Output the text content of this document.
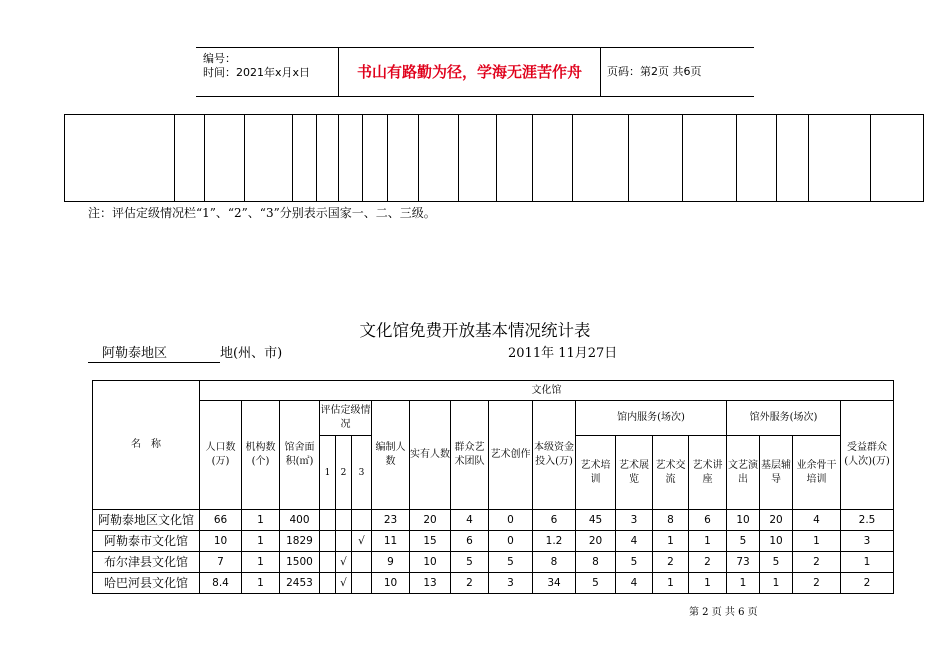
编号：
时间：2021年x月x日	书山有路勤为径，学海无涯苦作舟	页码：第2页 共6页
注：评估定级情况栏“1”、“2”、“3”分别表示国家一、二、三级。
文化馆免费开放基本情况统计表
阿勒泰地区	地(州、市)	2011年 11月27日
名　称	文化馆																		
	人口数(万)	机构数(个)	馆舍面积(㎡)	评估定级情况			编制人数	实有人数	群众艺术团队	艺术创作	本级资金投入(万)	馆内服务(场次)				馆外服务(场次)			受益群众(人次)(万)
				1	2	3						艺术培训	艺术展览	艺术交流	艺术讲座	文艺演出	基层辅导	业余骨干培训	
阿勒泰地区文化馆	66	1	400				23	20	4	0	6	45	3	8	6	10	20	4	2.5
阿勒泰市文化馆	10	1	1829			√	11	15	6	0	1.2	20	4	1	1	5	10	1	3
布尔津县文化馆	7	1	1500		√		9	10	5	5	8	8	5	2	2	73	5	2	1
哈巴河县文化馆	8.4	1	2453		√		10	13	2	3	34	5	4	1	1	1	1	2	2
第 2 页 共 6 页
